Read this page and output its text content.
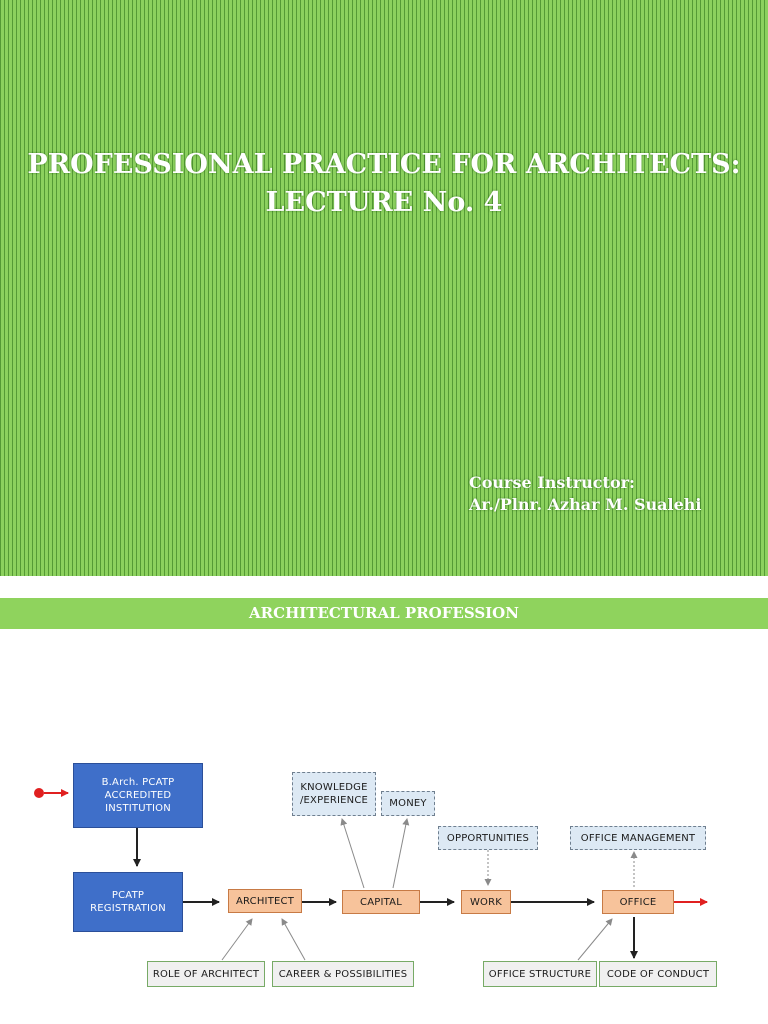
PROFESSIONAL PRACTICE FOR ARCHITECTS:
LECTURE No. 4
Course Instructor:
Ar./Plnr. Azhar M. Sualehi
ARCHITECTURAL PROFESSION
B.Arch. PCATP
ACCREDITED
INSTITUTION
PCATP
REGISTRATION
ARCHITECT	CAPITAL	WORK	OFFICE
KNOWLEDGE
/EXPERIENCE	MONEY
OPPORTUNITIES	OFFICE MANAGEMENT
ROLE OF ARCHITECT	CAREER & POSSIBILITIES	OFFICE STRUCTURE	CODE OF CONDUCT
